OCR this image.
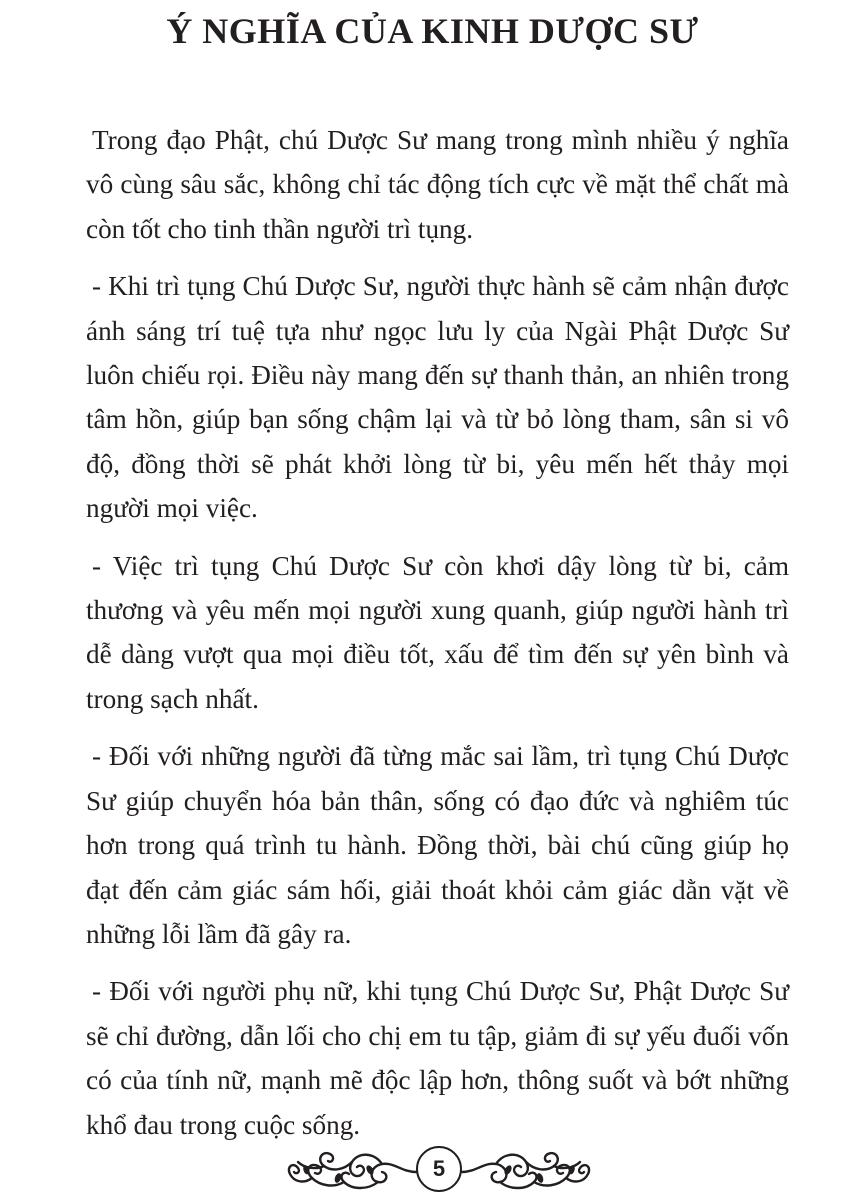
Ý NGHĨA CỦA KINH DƯỢC SƯ

Trong đạo Phật, chú Dược Sư mang trong mình nhiều ý nghĩa vô cùng sâu sắc, không chỉ tác động tích cực về mặt thể chất mà còn tốt cho tinh thần người trì tụng.

- Khi trì tụng Chú Dược Sư, người thực hành sẽ cảm nhận được ánh sáng trí tuệ tựa như ngọc lưu ly của Ngài Phật Dược Sư luôn chiếu rọi. Điều này mang đến sự thanh thản, an nhiên trong tâm hồn, giúp bạn sống chậm lại và từ bỏ lòng tham, sân si vô độ, đồng thời sẽ phát khởi lòng từ bi, yêu mến hết thảy mọi người mọi việc.

- Việc trì tụng Chú Dược Sư còn khơi dậy lòng từ bi, cảm thương và yêu mến mọi người xung quanh, giúp người hành trì dễ dàng vượt qua mọi điều tốt, xấu để tìm đến sự yên bình và trong sạch nhất.

- Đối với những người đã từng mắc sai lầm, trì tụng Chú Dược Sư giúp chuyển hóa bản thân, sống có đạo đức và nghiêm túc hơn trong quá trình tu hành. Đồng thời, bài chú cũng giúp họ đạt đến cảm giác sám hối, giải thoát khỏi cảm giác dằn vặt về những lỗi lầm đã gây ra.

- Đối với người phụ nữ, khi tụng Chú Dược Sư, Phật Dược Sư sẽ chỉ đường, dẫn lối cho chị em tu tập, giảm đi sự yếu đuối vốn có của tính nữ, mạnh mẽ độc lập hơn, thông suốt và bớt những khổ đau trong cuộc sống.

5
